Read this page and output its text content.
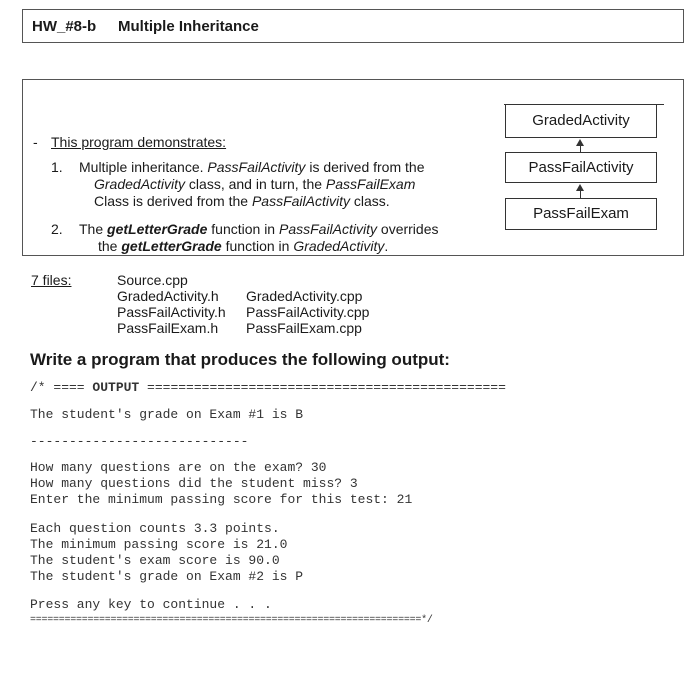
HW_#8-b Multiple Inheritance
- This program demonstrates:
1. Multiple inheritance. PassFailActivity is derived from the
GradedActivity class, and in turn, the PassFailExam
Class is derived from the PassFailActivity class.
2. The getLetterGrade function in PassFailActivity overrides
the getLetterGrade function in GradedActivity.
GradedActivity
PassFailActivity
PassFailExam
7 files:	Source.cpp
GradedActivity.h GradedActivity.cpp
PassFailActivity.h PassFailActivity.cpp
PassFailExam.h PassFailExam.cpp
Write a program that produces the following output:
/* ==== OUTPUT ==============================================
The student's grade on Exam #1 is B
----------------------------
How many questions are on the exam? 30
How many questions did the student miss? 3
Enter the minimum passing score for this test: 21
Each question counts 3.3 points.
The minimum passing score is 21.0
The student's exam score is 90.0
The student's grade on Exam #2 is P
Press any key to continue . . .
====================================================================*/
